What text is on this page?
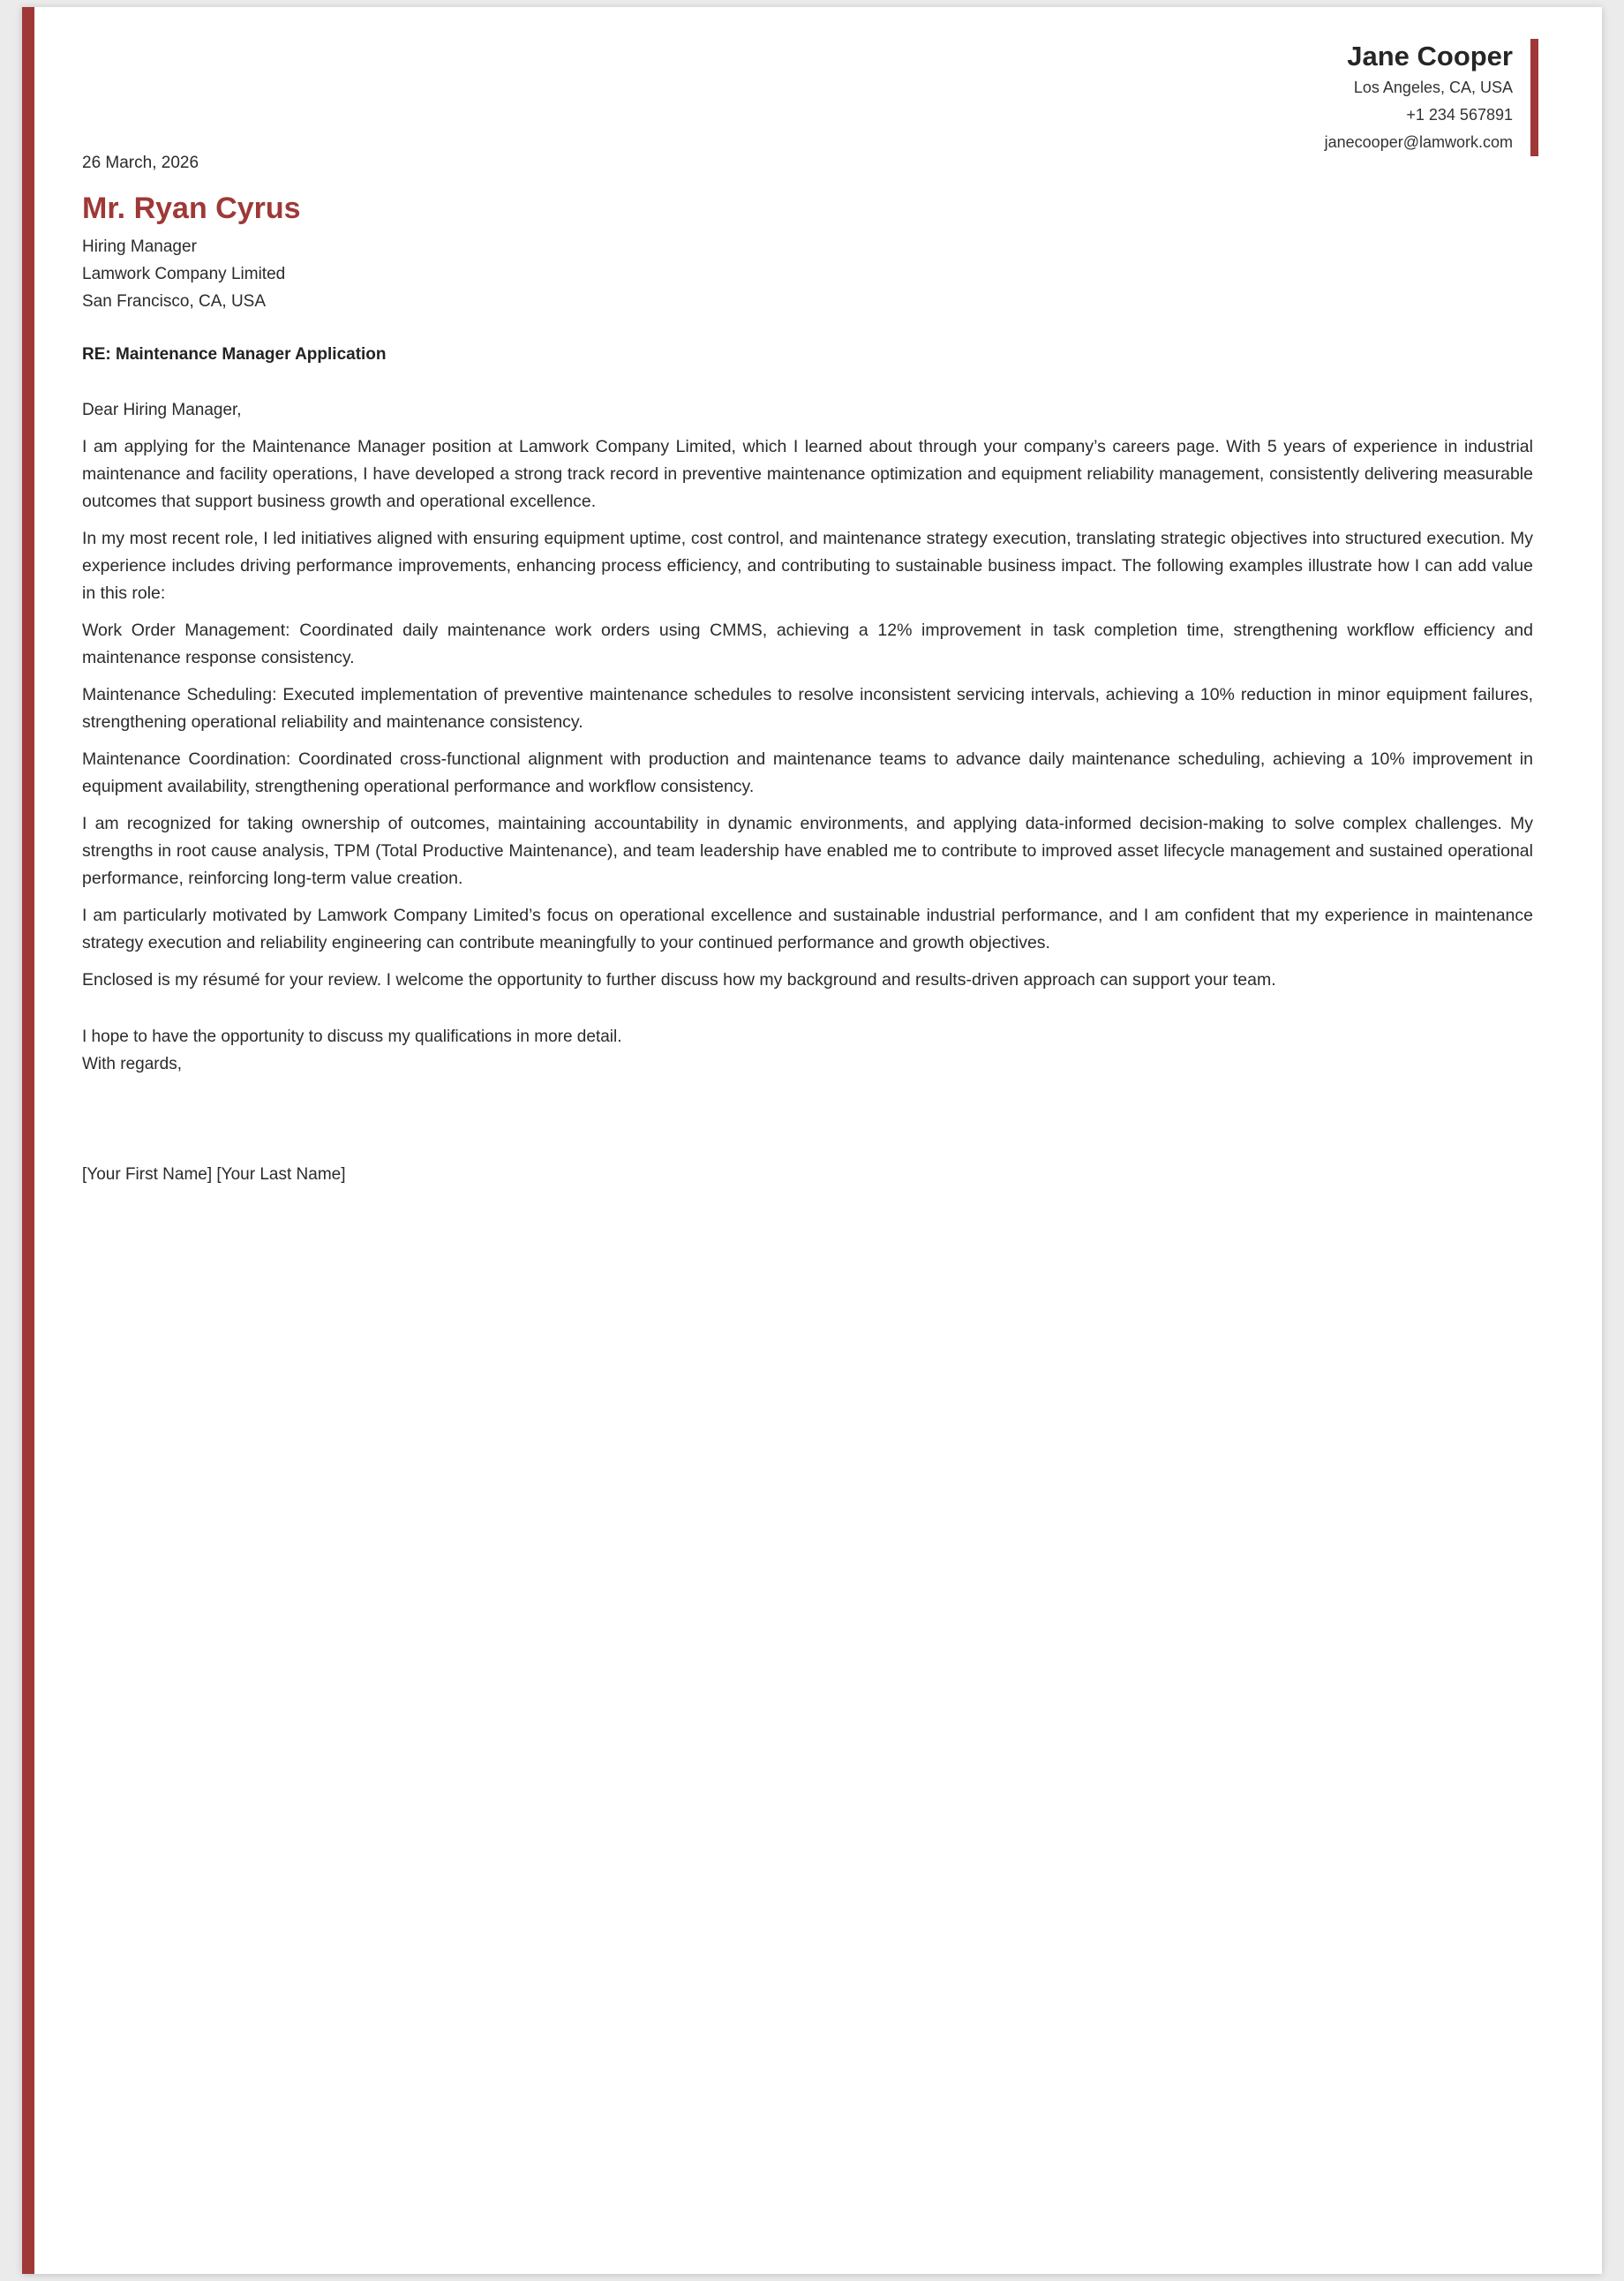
Jane Cooper
Los Angeles, CA, USA
+1 234 567891
janecooper@lamwork.com
26 March, 2026
Mr. Ryan Cyrus
Hiring Manager
Lamwork Company Limited
San Francisco, CA, USA
RE: Maintenance Manager Application
Dear Hiring Manager,

I am applying for the Maintenance Manager position at Lamwork Company Limited, which I learned about through your company’s careers page. With 5 years of experience in industrial maintenance and facility operations, I have developed a strong track record in preventive maintenance optimization and equipment reliability management, consistently delivering measurable outcomes that support business growth and operational excellence.

In my most recent role, I led initiatives aligned with ensuring equipment uptime, cost control, and maintenance strategy execution, translating strategic objectives into structured execution. My experience includes driving performance improvements, enhancing process efficiency, and contributing to sustainable business impact. The following examples illustrate how I can add value in this role:

Work Order Management: Coordinated daily maintenance work orders using CMMS, achieving a 12% improvement in task completion time, strengthening workflow efficiency and maintenance response consistency.

Maintenance Scheduling: Executed implementation of preventive maintenance schedules to resolve inconsistent servicing intervals, achieving a 10% reduction in minor equipment failures, strengthening operational reliability and maintenance consistency.

Maintenance Coordination: Coordinated cross-functional alignment with production and maintenance teams to advance daily maintenance scheduling, achieving a 10% improvement in equipment availability, strengthening operational performance and workflow consistency.

I am recognized for taking ownership of outcomes, maintaining accountability in dynamic environments, and applying data-informed decision-making to solve complex challenges. My strengths in root cause analysis, TPM (Total Productive Maintenance), and team leadership have enabled me to contribute to improved asset lifecycle management and sustained operational performance, reinforcing long-term value creation.

I am particularly motivated by Lamwork Company Limited’s focus on operational excellence and sustainable industrial performance, and I am confident that my experience in maintenance strategy execution and reliability engineering can contribute meaningfully to your continued performance and growth objectives.

Enclosed is my résumé for your review. I welcome the opportunity to further discuss how my background and results-driven approach can support your team.

I hope to have the opportunity to discuss my qualifications in more detail.
With regards,
[Your First Name] [Your Last Name]
